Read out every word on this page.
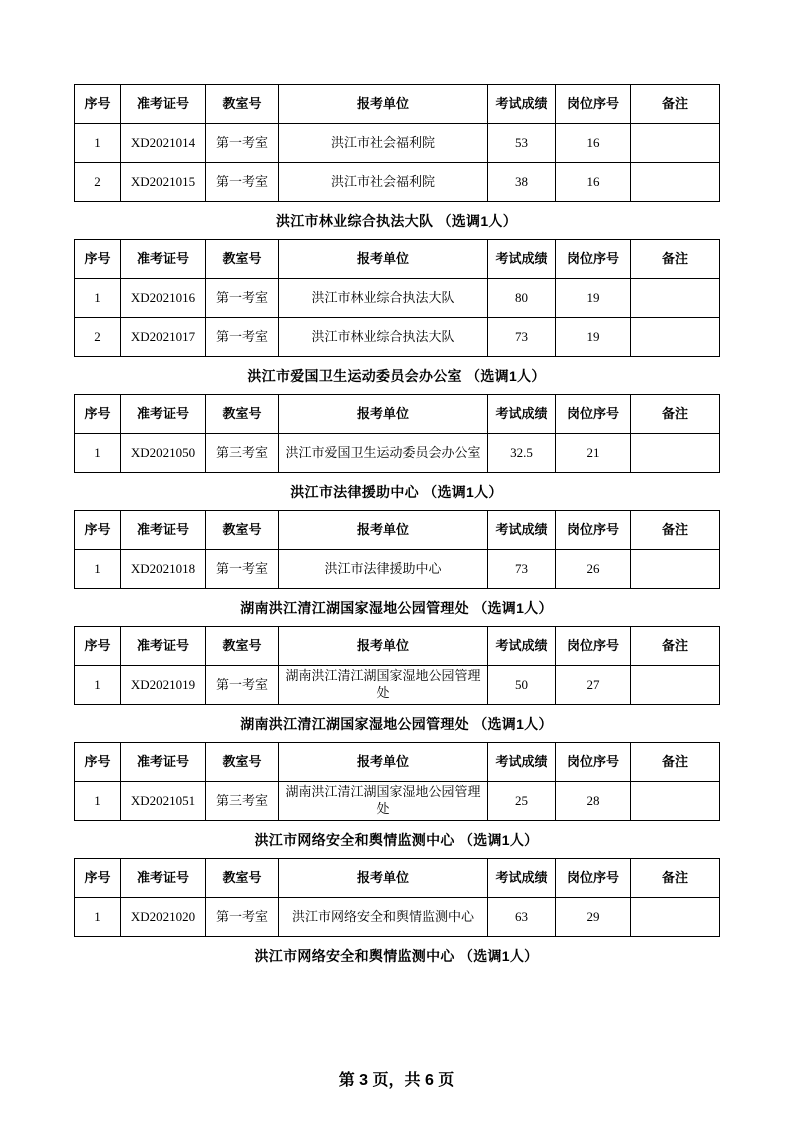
序号	准考证号	教室号	报考单位	考试成绩	岗位序号	备注
1	XD2021014	第一考室	洪江市社会福利院	53	16	
2	XD2021015	第一考室	洪江市社会福利院	38	16	
洪江市林业综合执法大队 （选调1人）
序号	准考证号	教室号	报考单位	考试成绩	岗位序号	备注
1	XD2021016	第一考室	洪江市林业综合执法大队	80	19	
2	XD2021017	第一考室	洪江市林业综合执法大队	73	19	
洪江市爱国卫生运动委员会办公室 （选调1人）
序号	准考证号	教室号	报考单位	考试成绩	岗位序号	备注
1	XD2021050	第三考室	洪江市爱国卫生运动委员会办公室	32.5	21	
洪江市法律援助中心 （选调1人）
序号	准考证号	教室号	报考单位	考试成绩	岗位序号	备注
1	XD2021018	第一考室	洪江市法律援助中心	73	26	
湖南洪江清江湖国家湿地公园管理处 （选调1人）
序号	准考证号	教室号	报考单位	考试成绩	岗位序号	备注
1	XD2021019	第一考室	湖南洪江清江湖国家湿地公园管理处	50	27	
湖南洪江清江湖国家湿地公园管理处 （选调1人）
序号	准考证号	教室号	报考单位	考试成绩	岗位序号	备注
1	XD2021051	第三考室	湖南洪江清江湖国家湿地公园管理处	25	28	
洪江市网络安全和舆情监测中心 （选调1人）
序号	准考证号	教室号	报考单位	考试成绩	岗位序号	备注
1	XD2021020	第一考室	洪江市网络安全和舆情监测中心	63	29	
洪江市网络安全和舆情监测中心 （选调1人）
第 3 页，共 6 页
